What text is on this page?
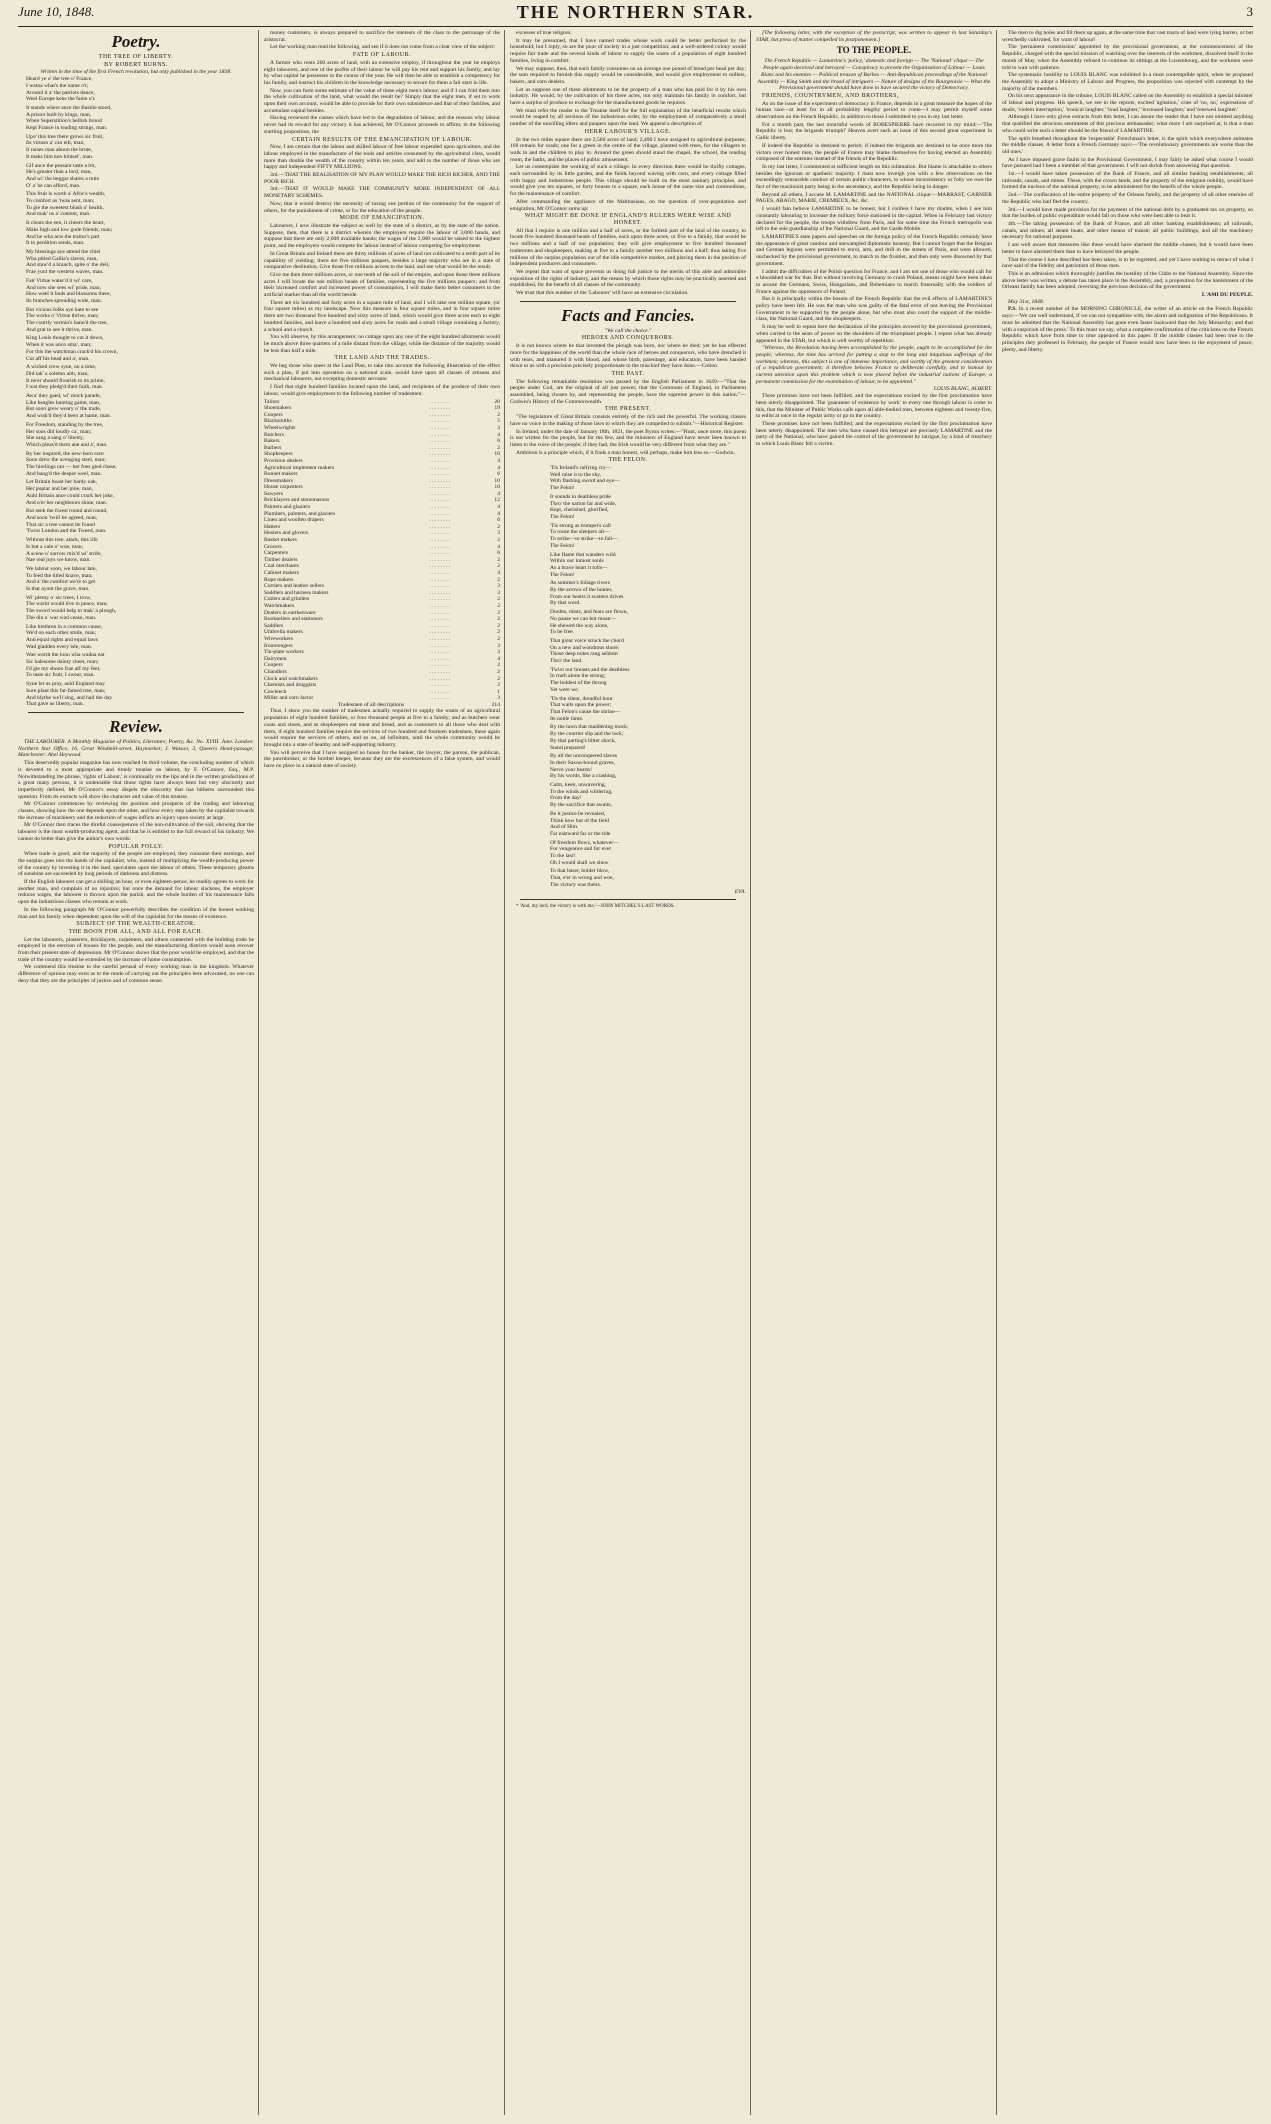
June 10, 1848.	THE NORTHERN STAR.	3
Poetry.
THE TREE OF LIBERTY.
BY ROBERT BURNS.
Written in the time of the first French revolution, but only published in the year 1838.

Heard ye o' the tree o' France,

I watna what's the name o't;

Around it a' the patriots dance,

Weel Europe kens the fame o't.

It stands where ance the Bastile stood,

A prison built by kings, man,

When Superstition's hellish brood

Kept France in leading strings, man.

Upo' this tree there grows sic fruit,

Its virtues a' can tell, man;

It raises man aboon the brute,

It maks him ken himsel', man.

Gif ance the peasant taste a bit,

He's greater than a lord, man,

And wi' the beggar shares a mite

O' a' he can afford, man.

This fruit is worth a' Afric's wealth,

To comfort us 'twas sent, man;

To gie the sweetest blush o' health,

And mak' us a' content, man.

It clears the een, it cheers the heart,

Maks high and low gude friends, man;

And he wha acts the traitor's part

It to perdition sends, man.

My blessings aye attend the chiel

Wha pitied Gallia's slaves, man,

And staw'd a branch, spite o' the deil,

Frae yont the western waves, man.

Fair Virtue water'd it wi' care,

And now she sees wi' pride, man,

How weel it buds and blossoms there,

Its branches spreading wide, man.

But vicious folks aye hate to see

The works o' Virtue thrive, man;

The courtly vermin's bann'd the tree,

And grat to see it thrive, man.

King Louis thought to cut it down,

When it was unco sma', man;

For this the watchman crack'd his crown,

Cut aff his head and a', man.

A wicked crew syne, on a time,

Did tak' a solemn aith, man,

It ne'er should flourish to its prime,

I wat they pledg'd their faith, man.

Awa' they gaed, wi' mock parade,

Like beagles hunting game, man,

But soon grew weary o' the trade,

And wish'd they'd been at hame, man.

For Freedom, standing by the tree,

Her sons did loudly ca', man;

She sang a sang o' liberty,

Which pleas'd them ane and a', man.

By her inspired, the new-born race

Soon drew the avenging steel, man;

The hirelings ran — her foes gied chase,

And bang'd the despot weel, man.

Let Britain boast her hardy oak,

Her poplar and her pine, man,

Auld Britain ance could crack her joke,

And o'er her neighbours shine, man.

But seek the forest round and round,

And soon 'twill be agreed, man,

That sic a tree cannot be found

'Twixt London and the Tweed, man.

Without this tree, alack, this life

Is but a vale o' woe, man;

A scene o' sorrow mix'd wi' strife,

Nae real joys we know, man.

We labour soon, we labour late,

To feed the titled knave, man;

And a' the comfort we're to get

Is that ayont the grave, man.

Wi' plenty o' sic trees, I trow,

The warld would live in peace, man;

The sword would help to mak' a plough,

The din o' war wad cease, man.

Like brethren in a common cause,

We'd on each other smile, man;

And equal rights and equal laws

Wad gladden every isle, man.

Wae worth the loon wha wadna eat

Sic halesome dainty cheer, man;

I'd gie my shoon frae aff my feet,

To taste sic fruit, I swear, man.

Syne let us pray, auld England may

Sure plant this far-famed tree, man;

And blythe we'll sing, and hail the day

That gave us liberty, man.

Review.

THE LABOURER. A Monthly Magazine of Politics, Literature, Poetry, &c. No. XVIII. June. London: Northern Star Office, 16, Great Windmill-street, Haymarket; J. Watson, 3, Queen's Head-passage; Manchester: Abel Heywood.

This deservedly popular magazine has now reached its third volume, the concluding number of which is devoted to a most appropriate and timely treatise on labour, by F. O'Connor, Esq., M.P. Notwithstanding the phrase, 'rights of Labour,' is continually on the lips and in the written productions of a great many persons, it is undeniable that those rights have always been but very obscurely and imperfectly defined. Mr O'Connor's essay dispels the obscurity that has hitherto surrounded this question. From its extracts will show the character and value of this treatise.

Mr O'Connor commences by reviewing the position and prospects of the trading and labouring classes, showing how the one depends upon the other, and how every step taken by the capitalist towards the increase of machinery and the reduction of wages inflicts an injury upon society at large.

Mr O'Connor then traces the direful consequences of the non-cultivation of the soil, showing that the labourer is the most wealth-producing agent, and that he is entitled to the full reward of his industry. We cannot do better than give the author's own words:

POPULAR FOLLY.

When trade is good, and the majority of the people are employed, they consume their earnings, and the surplus goes into the hands of the capitalist, who, instead of multiplying the wealth-producing power of the country by investing it in the land, speculates upon the labour of others. These temporary gleams of sunshine are succeeded by long periods of darkness and distress.

If the English labourer can get a shilling an hour, or even eighteen-pence, he readily agrees to work for another man, and complain of no injustice; but once the demand for labour slackens, the employer reduces wages, the labourer is thrown upon the parish, and the whole burden of his maintenance falls upon the industrious classes who remain at work.

In the following paragraph Mr O'Connor powerfully describes the condition of the honest working man and his family when dependent upon the will of the capitalist for the means of existence.

SUBJECT OF THE WEALTH-CREATOR.
THE BOON FOR ALL, AND ALL FOR EACH.

Let the labourers, plasterers, bricklayers, carpenters, and others connected with the building trade be employed in the erection of houses for the people, and the manufacturing districts would soon recover from their present state of depression. Mr O'Connor shows that the poor would be employed, and that the trade of the country would be extended by the increase of home consumption.

We commend this treatise to the careful perusal of every working man in the kingdom. Whatever difference of opinion may exist as to the mode of carrying out the principles here advocated, no one can deny that they are the principles of justice and of common sense.

money customers, is always prepared to sacrifice the interests of the class to the patronage of the aristocrat.

Let the working man read the following, and see if it does not come from a clear view of the subject:

FATE OF LABOUR.

A farmer who rents 200 acres of land, with an extensive employ, if throughout the year he employs eight labourers, and one of the profits of their labour he will pay his rent and support his family, and lay by what capital he possesses in the course of the year. He will then be able to establish a competency for his family, and instruct his children in the knowledge necessary to secure for them a fair start in life.

Now, you can form some estimate of the value of these eight men's labour; and if I can fold them into the whole cultivation of the land, what would the result be? Simply that the eight men, if set to work upon their own account, would be able to provide for their own subsistence and that of their families, and accumulate capital besides.

Having reviewed the causes which have led to the degradation of labour, and the reasons why labour never had its reward for any victory it has achieved, Mr O'Connor proceeds to affirm, in the following startling proposition, the

CERTAIN RESULTS OF THE EMANCIPATION OF LABOUR.

Now, I am certain that the labour and skilled labour of free labour expended upon agriculture, and the labour employed in the manufacture of the tools and articles consumed by the agricultural class, would more than double the wealth of the country within ten years, and add to the number of those who are happy and independent FIFTY MILLIONS.

3rd.—THAT THE REALISATION OF MY PLAN WOULD MAKE THE RICH RICHER, AND THE POOR RICH.

3rd.—THAT IT WOULD MAKE THE COMMUNITY MORE INDEPENDENT OF ALL MONETARY SCHEMES.

Now, that it would destroy the necessity of taxing one portion of the community for the support of others, for the punishment of crime, or for the education of the people.

MODE OF EMANCIPATION.

Labourers, I now illustrate the subject as well by the state of a district, as by the state of the nation. Suppose, then, that there is a district wherein the employers require the labour of 3,000 hands, and suppose that there are only 2,000 available hands; the wages of the 2,000 would be raised to the highest point, and the employers would compete for labour instead of labour competing for employment.

In Great Britain and Ireland there are thirty millions of acres of land not cultivated to a tenth part of its capability of yielding; there are five millions paupers, besides a large majority who are in a state of comparative destitution. Give those five millions access to the land, and see what would be the result.

Give me then three millions acres, or one tenth of the soil of the empire, and upon those three millions acres I will locate the one million heads of families, representing the five millions paupers; and from their increased comfort and increased power of consumption, I will make them better customers to the artificial market than all the world beside.

There are six hundred and forty acres in a square mile of land, and I will take one million square, (or four square miles) as my landscape. Now this measure is four square miles, and in four square miles there are two thousand five hundred and sixty acres of land, which would give three acres each to eight hundred families, and leave a hundred and sixty acres for roads and a small village containing a factory, a school and a church.

You will observe, by this arrangement, no cottage upon any one of the eight hundred allotments would be much above three quarters of a mile distant from the village, while the distance of the majority would be less than half a mile.

THE LAND AND THE TRADES.

We beg those who sneer at the Land Plan, to take into account the following illustration of the effect such a plan, if put into operation on a national scale, would have upon all classes of artisans and mechanical labourers, not excepting domestic servants:

I find that eight hundred families located upon the land, and recipients of the produce of their own labour, would give employment to the following number of tradesmen:

Tailors	. . . . . . . .	20
Shoemakers	. . . . . . . .	19
Coopers	. . . . . . . .	2
Blacksmiths	. . . . . . . .	5
Wheelwrights	. . . . . . . .	3
Butchers	. . . . . . . .	4
Bakers	. . . . . . . .	6
Barbers	. . . . . . . .	2
Shopkeepers	. . . . . . . .	10
Provision dealers	. . . . . . . .	4
Agricultural implement makers	. . . . . . . .	4
Bonnet makers	. . . . . . . .	6
Dressmakers	. . . . . . . .	10
House carpenters	. . . . . . . .	10
Sawyers	. . . . . . . .	4
Bricklayers and stonemasons	. . . . . . . .	12
Painters and glaziers	. . . . . . . .	4
Plumbers, painters, and glaziers	. . . . . . . .	4
Linen and woollen drapers	. . . . . . . .	6
Hatters	. . . . . . . .	2
Hosiers and glovers	. . . . . . . .	3
Basket makers	. . . . . . . .	2
Grocers	. . . . . . . .	4
Carpenters	. . . . . . . .	6
Timber dealers	. . . . . . . .	2
Coal merchants	. . . . . . . .	2
Cabinet makers	. . . . . . . .	4
Rope makers	. . . . . . . .	2
Curriers and leather sellers	. . . . . . . .	3
Saddlers and harness makers	. . . . . . . .	3
Cutlers and grinders	. . . . . . . .	2
Watchmakers	. . . . . . . .	2
Dealers in earthenware	. . . . . . . .	2
Booksellers and stationers	. . . . . . . .	2
Saddlers	. . . . . . . .	2
Umbrella makers	. . . . . . . .	2
Wireworkers	. . . . . . . .	2
Ironmongers	. . . . . . . .	3
Tin-plate workers	. . . . . . . .	3
Dairymen	. . . . . . . .	4
Coopers	. . . . . . . .	2
Chandlers	. . . . . . . .	2
Clock and watchmakers	. . . . . . . .	2
Chemists and druggists	. . . . . . . .	2
Cowleech	. . . . . . . .	1
Miller and corn factor	. . . . . . . .	3
Tradesmen of all descriptions	214

Thus, I show you the number of tradesmen actually required to supply the wants of an agricultural population of eight hundred families, or four thousand people at five to a family; and as butchers wear coats and shoes, and as shopkeepers eat meat and bread, and as customers to all those who deal with them, if eight hundred families require the services of two hundred and fourteen tradesmen, these again would require the services of others, and so on, ad infinitum, until the whole community would be brought into a state of healthy and self-supporting industry.

You will perceive that I have assigned no house for the banker, the lawyer, the parson, the publican, the pawnbroker, or the brothel keeper, because they are the excrescences of a false system, and would have no place in a natural state of society.

excesses of true religion.

It may be presumed, that I have named trades whose work could be better performed by the household; but I reply, so are the poor of society in a just competition; and a well-ordered colony would require fair trade and the several kinds of labour to supply the wants of a population of eight hundred families, living in comfort.

We may suppose, then, that each family consumes on an average one pound of bread per head per day; the sum required to furnish this supply would be considerable, and would give employment to millers, bakers, and corn dealers.

Let us suppose one of these allotments to be the property of a man who has paid for it by his own industry. He would, by the cultivation of his three acres, not only maintain his family in comfort, but have a surplus of produce to exchange for the manufactured goods he requires.

We must refer the reader to the Treatise itself for the full explanation of the beneficial results which would be reaped by all sections of the industrious order, by the employment of comparatively a small number of the unwilling idlers and paupers upon the land. We append a description of

HERR LABOUR'S VILLAGE.

In the two miles square there are 2,560 acres of land; 2,400 I have assigned to agricultural purposes; 160 remain for roads; one for a green in the centre of the village, planted with trees, for the villagers to walk in and the children to play in. Around the green should stand the chapel, the school, the reading room, the baths, and the places of public amusement.

Let us contemplate the working of such a village. In every direction there would be thrifty cottages, each surrounded by its little garden, and the fields beyond waving with corn, and every cottage filled with happy and industrious people. This village should be built on the most sanitary principles, and would give you ten squares, or forty houses to a square, each house of the same size and commodious, for the maintenance of comfort.

After commanding the appliance of the Malthusians, on the question of over-population and emigration, Mr O'Connor sums up:

WHAT MIGHT BE DONE IF ENGLAND'S RULERS WERE WISE AND HONEST.

All that I require is one million and a half of acres, or the fortieth part of the land of the country, to locate five hundred thousand heads of families, each upon three acres, or five to a family, that would be two millions and a half of our population; they will give employment to five hundred thousand tradesmen and shopkeepers, making at five to a family another two millions and a half; thus taking five millions of the surplus population out of the idle competitive market, and placing them in the position of independent producers and consumers.

We repeat that want of space prevents us doing full justice to the merits of this able and admirable exposition of the rights of industry, and the means by which those rights may be practically asserted and established, for the benefit of all classes of the community.

We trust that this number of the 'Labourer' will have an extensive circulation.

Facts and Fancies.
"We call the choice."
HEROES AND CONQUERORS.

It is not known where he that invented the plough was born, nor where he died; yet he has effected more for the happiness of the world than the whole race of heroes and conquerors, who have drenched it with tears, and manured it with blood, and whose birth, parentage, and education, have been handed down to us with a precision precisely proportionate to the mischief they have done.—Colton.

THE PAST.

The following remarkable resolution was passed by the English Parliament in 1649:—"That the people under God, are the original of all just power; that the Commons of England, in Parliament assembled, being chosen by, and representing the people, have the supreme power in this nation."—Godwin's History of the Commonwealth.

THE PRESENT.

"The legislature of Great Britain consists entirely of the rich and the powerful. The working classes have no voice in the making of those laws to which they are compelled to submit."—Historical Register.

In Ireland, under the date of January 18th, 1821, the poet Byron writes:—"Hunt, once more, this poem is not written for the people, but for the few, and the ministers of England have never been known to listen to the voice of the people; if they had, the Irish would be very different from what they are."

Ambition is a principle which, if it finds a man honest, will perhaps, make him less so.—Godwin.

THE FELON.

'Tis Ireland's rallying cry—

Well raise it to the sky,

With flashing sword and eye—

The Felon!

It sounds in deathless pride

Thro' the nation far and wide,

Kept, cherished, glorified,

The Felon!

'Tis strong as trumpet's call

To rouse the sleepers all—

To strike—to strike—to fall—

The Felon!

Like flame that wanders wild

Within our inmost souls

As a brave heart it tolls—

The Felon!

As summer's foliage rivers

By the arrows of the hunter,

From our hearts it scatters drives

By that word.

Doubts, mists, and fears are flown,

No pause we can but moan—

He shewed the way alone,

To be free.

That great voice struck the chord

On a new and wondrous shore;

Those deep notes rang seldom

Thro' the land.

'Twixt our breasts and the deathless

In truth alone the strong;

The boldest of the throng

Yet were we.

'Tis the silent, dreadful hour

That waits upon the power;

That Felon's cause the shrine—

Its noble fame.

By the lawn that maddening mock;

By the courtier slip and the lock;

By that parting's bitter shock,

Stand prepared!

By all the unconquered slaves

In their Saxon-bound graves,

Nerve your hearts!

By his words, like a crashing,

Calm, keen, unwavering,

To the winds and wildering,

From the day!

By the sacrifice that awaits,

Be it justice be revealed,

Think how but of the field

And of Him.

Far eastward far or the tide

Of freedom flows, whatever—

For vengeance and for ever

To the last!

Oh I would shall we show

To that baser, bolder blow,

That, e'er in wrong and woe,

The victory was theirs.

EVA.

* 'And, my lord, the victory is with me,'—JOHN MITCHEL'S LAST WORDS.

[The following letter, with the exception of the postscript, was written to appear in last Saturday's STAR, but press of matter compelled its postponement.]

TO THE PEOPLE.

The French Republic — Lamartine's 'policy,' domestic and foreign — The 'National' clique — The People again deceived and betrayed — Conspiracy to prevent the Organisation of Labour — Louis Blanc and his enemies — Political treason of Barbes — Anti-Republican proceedings of the National Assembly — King Smith and the brood of intriguers — Nature of designs of the Bourgeoisie — What the Provisional government should have done to have secured the victory of Democracy.

FRIENDS, COUNTRYMEN, AND BROTHERS,

As on the issue of the experiment of democracy in France, depends in a great measure the hopes of the human race—at least for in all probability lengthy period to come—I may permit myself some observations on the French Republic, in addition to those I submitted to you in my last letter.

For a month past, the last mournful words of ROBESPIERRE have recurred to my mind:—'The Republic is lost; the brigands triumph!' Heaven avert such an issue of this second great experiment in Gallic liberty.

If indeed the Republic is destined to perish; if indeed the brigands are destined to be once more the victors over honest men, the people of France may blame themselves for having elected an Assembly composed of the enemies instead of the friends of the Republic.

In my last letter, I commented at sufficient length on this infatuation. But blame is attachable to others besides the ignorant or apathetic majority. I must now inveigh you with a few observations on the exceedingly censurable conduct of certain public characters, to whose inconsistency or folly we owe the fact of the reactionist party being in the ascendancy, and the Republic being in danger.

Beyond all others, I accuse M. LAMARTINE and the NATIONAL clique:—MARRAST, GARNIER PAGES, ARAGO, MARIE, CREMIEUX, &c. &c.

I would fain believe LAMARTINE to be honest, but I confess I have my doubts, when I see him constantly labouring to increase the military force stationed in the capital. When in February last victory declared for the people, the troops withdrew from Paris, and for some time the French metropolis was left to the sole guardianship of the National Guard, and the Garde Mobile.

LAMARTINE'S state papers and speeches on the foreign policy of the French Republic certainly have the appearance of great candour and unexampled diplomatic honesty. But I cannot forget that the Belgian and German legions were permitted to enrol, arm, and drill in the streets of Paris, and were allowed, unchecked by the provisional government, to march to the frontier, and then only were disowned by that government.

I admit the difficulties of the Polish question for France; and I am not one of those who would call for a bloodshed war for that. But without involving Germany to crush Poland, means might have been taken to arouse the Germans, Swiss, Hungarians, and Bohemians to march fraternally with the soldiers of France against the oppressors of Poland.

But it is principally within the bosom of the French Republic that the evil effects of LAMARTINE'S policy have been felt. He was the man who was guilty of the fatal error of not leaving the Provisional Government to be supported by the people alone, but who must also court the support of the middle-class, the National Guard, and the shopkeepers.

It may be well to repeat here the declaration of the principles avowed by the provisional government, when carried to the seats of power on the shoulders of the triumphant people. I repeat what has already appeared in the STAR, but which is well worthy of repetition:

"Whereas, the Revolution having been accomplished by the people, ought to be accomplished for the people; whereas, the time has arrived for putting a stop to the long and iniquitous sufferings of the workmen; whereas, this subject is one of immense importance, and worthy of the greatest consideration of a republican government; it therefore behoves France to deliberate carefully, and to honour by current attention upon this problem which is now placed before the industrial nations of Europe; a permanent commission for the examination of labour, to be appointed."

LOUIS BLANC, ALBERT.

Three promises have not been fulfilled, and the expectations excited by the first proclamation have been utterly disappointed. The 'guarantee of existence by work' to every one through labour is come to this, that the Minister of Public Works calls upon all able-bodied men, between eighteen and twenty-five, to enlist at once in the regular army or go to the country.

These promises have not been fulfilled, and the expectations excited by the first proclamation have been utterly disappointed. The men who have caused this betrayal are precisely LAMARTINE and the party of the National, who have gained the control of the government by intrigue, by a kind of treachery to which Louis Blanc fell a victim.

The men to dig holes and fill them up again, at the same time that vast tracts of land were lying barren, or but wretchedly cultivated, for want of labour!

The 'permanent commission' appointed by the provisional government, at the commencement of the Republic, charged with the special mission of watching over the interests of the workmen, dissolved itself in the month of May, when the Assembly refused to continue its sittings at the Luxembourg, and the workmen were told to wait with patience.

The systematic hostility to LOUIS BLANC was exhibited in a most contemptible spirit, when he proposed the Assembly to adopt a Ministry of Labour and Progress, the proposition was rejected with contempt by the majority of the members.

On his next appearance in the tribune, LOUIS BLANC called on the Assembly to establish a special minister of labour and progress. His speech, we see in the reports, excited 'agitation,' cries of 'no, no,' expressions of doubt, 'violent interruption,' 'ironical laughter,' 'loud laughter,' 'increased laughter,' and 'renewed laughter.'

Although I have only given extracts from this letter, I can assure the reader that I have not omitted anything that qualified the atrocious sentiments of this precious ambassador; what more I am surprised at, is that a man who could write such a letter should be the friend of LAMARTINE.

The spirit breathed throughout the 'respectable' Frenchman's letter, is the spirit which everywhere animates the middle classes. A letter from a French Germany says:—'The revolutionary governments are worse than the old ones.'

As I have imputed grave faults to the Provisional Government, I may fairly be asked what course I would have pursued had I been a member of that government. I will not shrink from answering that question.

1st.—I would have taken possession of the Bank of France, and all similar banking establishments; all railroads, canals, and mines. These, with the crown lands, and the property of the emigrant nobility, would have formed the nucleus of the national property, to be administered for the benefit of the whole people.

2nd.—The confiscation of the entire property of the Orleans family, and the property of all other enemies of the Republic who had fled the country.

3rd.—I would have made provision for the payment of the national debt by a graduated tax on property, so that the burden of public expenditure would fall on those who were best able to bear it.

4th.—The taking possession of the Bank of France, and all other banking establishments; all railroads, canals, and mines; all steam boats, and other means of transit; all public buildings, and all the machinery necessary for national purposes.

I am well aware that measures like these would have alarmed the middle classes; but it would have been better to have alarmed them than to have betrayed the people.

That the course I have described has been taken, is to be regretted, and yet I have nothing to retract of what I have said of the fidelity and patriotism of those men.

This is an admission which thoroughly justifies the hostility of the Clubs to the National Assembly. Since the above letter was written, a debate has taken place in the Assembly, and, a proposition for the banishment of the Orleans family has been adopted, reversing the previous decision of the government.

L'AMI DU PEUPLE.

May 31st, 1848.

P.S. In a recent number of the MORNING CHRONICLE, the writer of an article on the French Republic says:—'We can well understand, if we can not sympathise with, the alarm and indignation of the Republicans. It must be admitted that the National Assembly has gone even faster backward than the July Monarchy; and that with a suspicion of the press.' To this must we say, what a complete confirmation of the criticisms on the French Republic which have from time to time appeared in this paper. If the middle classes had been true to the principles they professed in February, the people of France would now have been in the enjoyment of peace, plenty, and liberty.
